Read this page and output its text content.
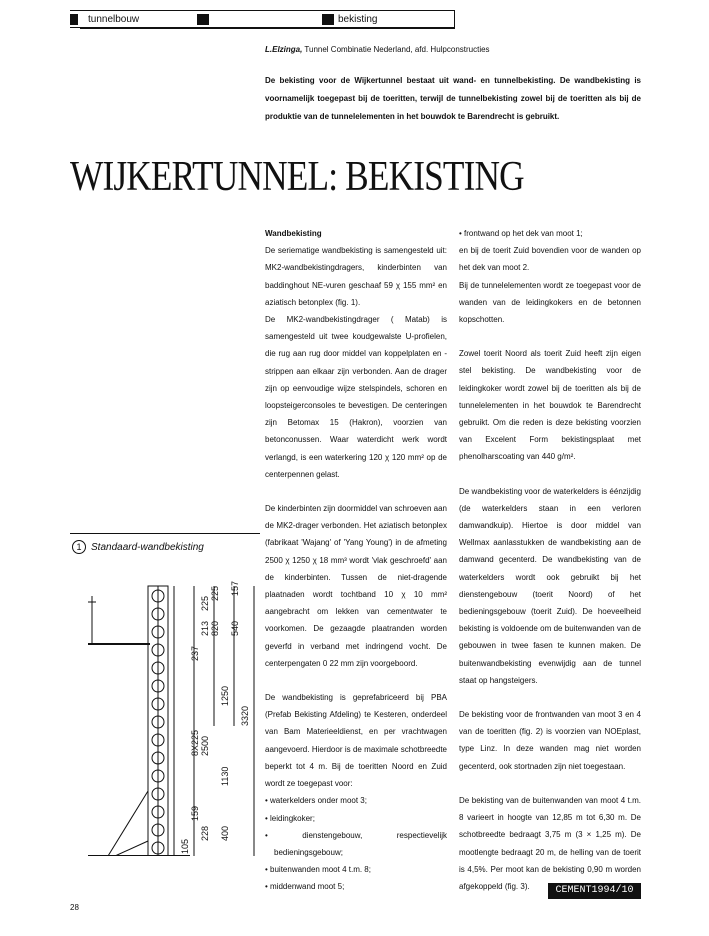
tunnelbouw	bekisting
L.Elzinga, Tunnel Combinatie Nederland, afd. Hulpconstructies
De bekisting voor de Wijkertunnel bestaat uit wand- en tunnelbekisting. De wandbekisting is voornamelijk toegepast bij de toeritten, terwijl de tunnelbekisting zowel bij de toeritten als bij de produktie van de tunnelelementen in het bouwdok te Barendrecht is gebruikt.
WIJKERTUNNEL: BEKISTING
1 Standaard-wandbekisting
157
540
820
225
225
213
237
1250
3320
2500
8X225
1130
400
159
228
105

Wandbekisting

De seriematige wandbekisting is samengesteld uit: MK2-wandbekistingdragers, kinderbinten van baddinghout NE-vuren geschaaf 59 χ 155 mm² en aziatisch betonplex (fig. 1).

De MK2-wandbekistingdrager ( Matab) is samengesteld uit twee koudgewalste U-profielen, die rug aan rug door middel van koppelplaten en -strippen aan elkaar zijn verbonden. Aan de drager zijn op eenvoudige wijze stelspindels, schoren en loopsteigerconsoles te bevestigen. De centeringen zijn Betomax 15 (Hakron), voorzien van betonconussen. Waar waterdicht werk wordt verlangd, is een waterkering 120 χ 120 mm² op de centerpennen gelast.

De kinderbinten zijn doormiddel van schroeven aan de MK2-drager verbonden. Het aziatisch betonplex (fabrikaat 'Wajang' of 'Yang Young') in de afmeting 2500 χ 1250 χ 18 mm³ wordt 'vlak geschroefd' aan de kinderbinten. Tussen de niet-dragende plaatnaden wordt tochtband 10 χ 10 mm² aangebracht om lekken van cementwater te voorkomen. De gezaagde plaatranden worden geverfd in verband met indringend vocht. De centerpengaten 0 22 mm zijn voorgeboord.

De wandbekisting is geprefabriceerd bij PBA (Prefab Bekisting Afdeling) te Kesteren, onderdeel van Bam Materieeldienst, en per vrachtwagen aangevoerd. Hierdoor is de maximale schotbreedte beperkt tot 4 m. Bij de toeritten Noord en Zuid wordt ze toegepast voor:

• waterkelders onder moot 3;
• leidingkoker;
• dienstengebouw, respectievelijk bedieningsgebouw;
• buitenwanden moot 4 t.m. 8;
• middenwand moot 5;

• frontwand op het dek van moot 1;

en bij de toerit Zuid bovendien voor de wanden op het dek van moot 2.

Bij de tunnelelementen wordt ze toegepast voor de wanden van de leidingkokers en de betonnen kopschotten.

Zowel toerit Noord als toerit Zuid heeft zijn eigen stel bekisting. De wandbekisting voor de leidingkoker wordt zowel bij de toeritten als bij de tunnelelementen in het bouwdok te Barendrecht gebruikt. Om die reden is deze bekisting voorzien van Excelent Form bekistingsplaat met phenolharscoating van 440 g/m².

De wandbekisting voor de waterkelders is éénzijdig (de waterkelders staan in een verloren damwandkuip). Hiertoe is door middel van Wellmax aanlasstukken de wandbekisting aan de damwand gecenterd. De wandbekisting van de waterkelders wordt ook gebruikt bij het dienstengebouw (toerit Noord) of het bedieningsgebouw (toerit Zuid). De hoeveelheid bekisting is voldoende om de buitenwanden van de gebouwen in twee fasen te kunnen maken. De buitenwandbekisting evenwijdig aan de tunnel staat op hangsteigers.

De bekisting voor de frontwanden van moot 3 en 4 van de toeritten (fig. 2) is voorzien van NOEplast, type Linz. In deze wanden mag niet worden gecenterd, ook stortnaden zijn niet toegestaan.

De bekisting van de buitenwanden van moot 4 t.m. 8 varieert in hoogte van 12,85 m tot 6,30 m. De schotbreedte bedraagt 3,75 m (3 × 1,25 m). De mootlengte bedraagt 20 m, de helling van de toerit is 4,5%. Per moot kan de bekisting 0,90 m worden afgekoppeld (fig. 3).	CEMENT1994/10
28
